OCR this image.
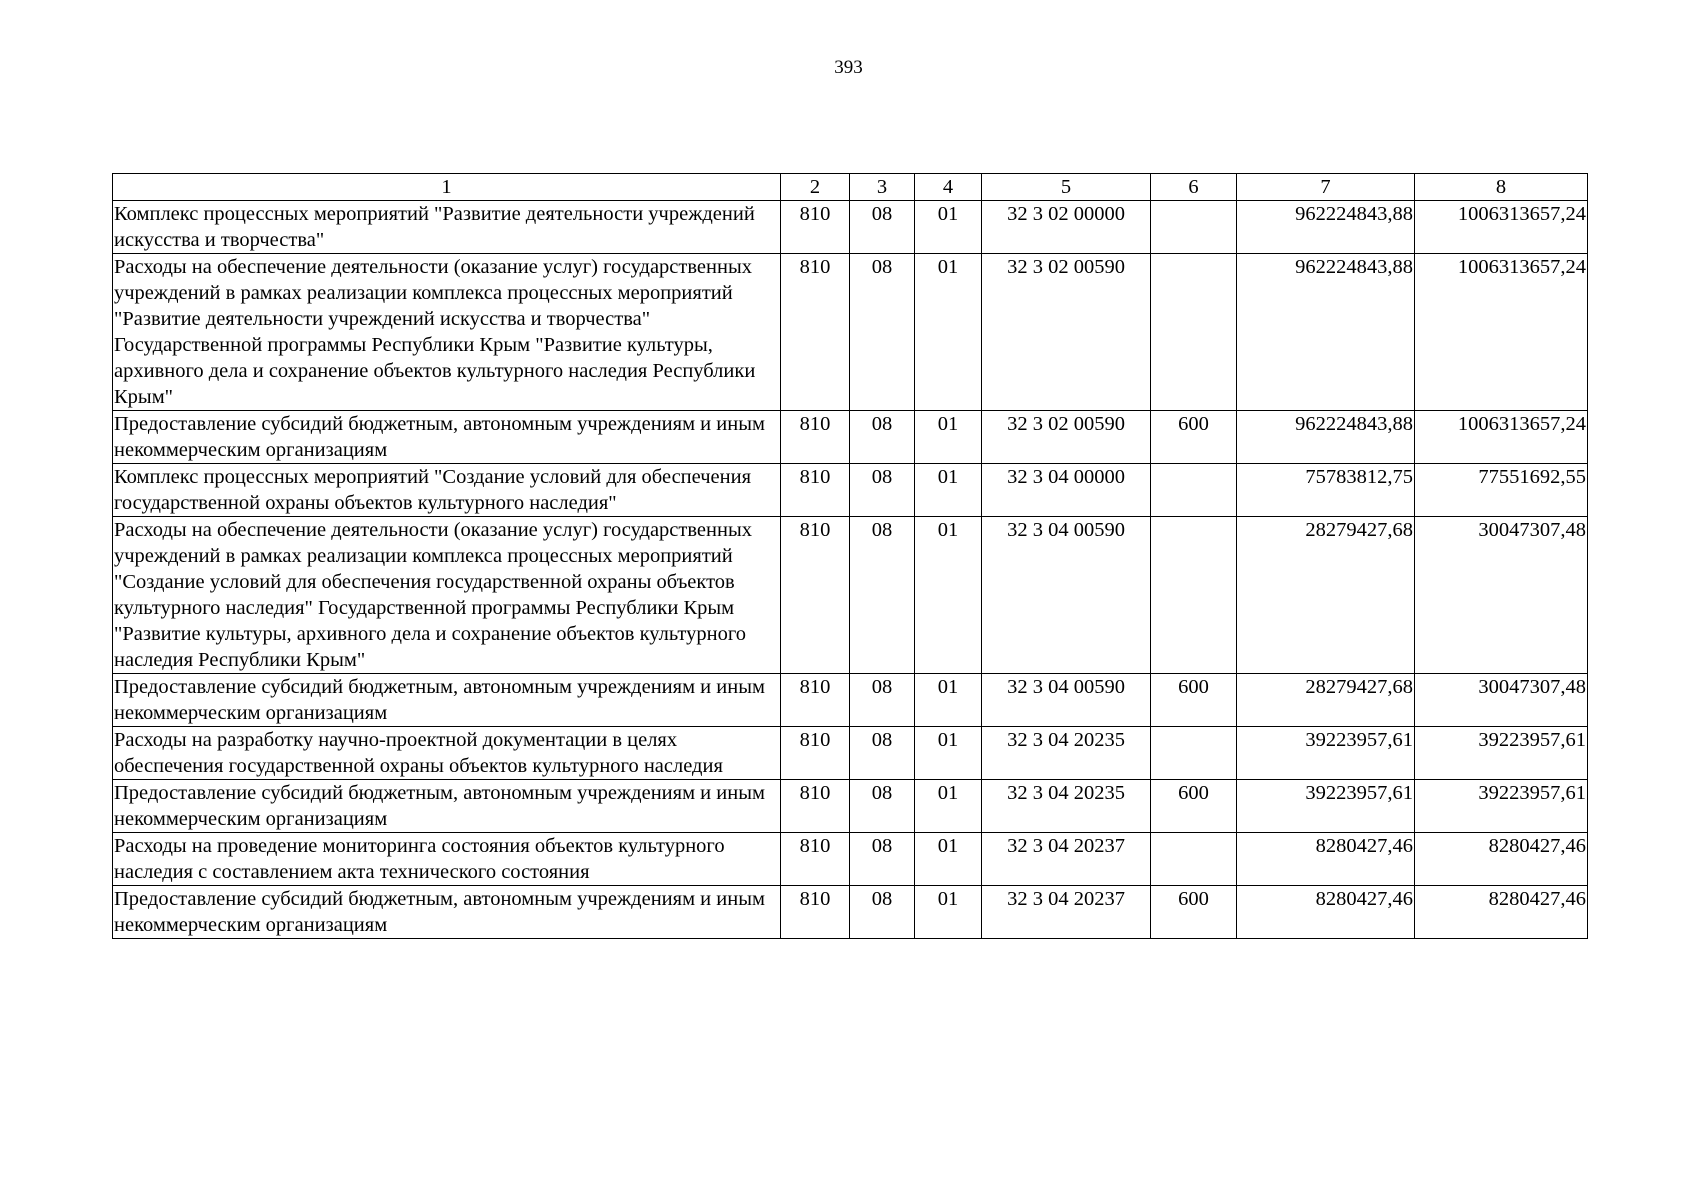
393
1	2	3	4	5	6	7	8
Комплекс процессных мероприятий "Развитие деятельности учреждений искусства и творчества"	810	08	01	32 3 02 00000		962224843,88	1006313657,24
Расходы на обеспечение деятельности (оказание услуг) государственных учреждений в рамках реализации комплекса процессных мероприятий "Развитие деятельности учреждений искусства и творчества" Государственной программы Республики Крым "Развитие культуры, архивного дела и сохранение объектов культурного наследия Республики Крым"	810	08	01	32 3 02 00590		962224843,88	1006313657,24
Предоставление субсидий бюджетным, автономным учреждениям и иным некоммерческим организациям	810	08	01	32 3 02 00590	600	962224843,88	1006313657,24
Комплекс процессных мероприятий "Создание условий для обеспечения государственной охраны объектов культурного наследия"	810	08	01	32 3 04 00000		75783812,75	77551692,55
Расходы на обеспечение деятельности (оказание услуг) государственных учреждений в рамках реализации комплекса процессных мероприятий "Создание условий для обеспечения государственной охраны объектов культурного наследия" Государственной программы Республики Крым "Развитие культуры, архивного дела и сохранение объектов культурного наследия Республики Крым"	810	08	01	32 3 04 00590		28279427,68	30047307,48
Предоставление субсидий бюджетным, автономным учреждениям и иным некоммерческим организациям	810	08	01	32 3 04 00590	600	28279427,68	30047307,48
Расходы на разработку научно-проектной документации в целях обеспечения государственной охраны объектов культурного наследия	810	08	01	32 3 04 20235		39223957,61	39223957,61
Предоставление субсидий бюджетным, автономным учреждениям и иным некоммерческим организациям	810	08	01	32 3 04 20235	600	39223957,61	39223957,61
Расходы на проведение мониторинга состояния объектов культурного наследия с составлением акта технического состояния	810	08	01	32 3 04 20237		8280427,46	8280427,46
Предоставление субсидий бюджетным, автономным учреждениям и иным некоммерческим организациям	810	08	01	32 3 04 20237	600	8280427,46	8280427,46
